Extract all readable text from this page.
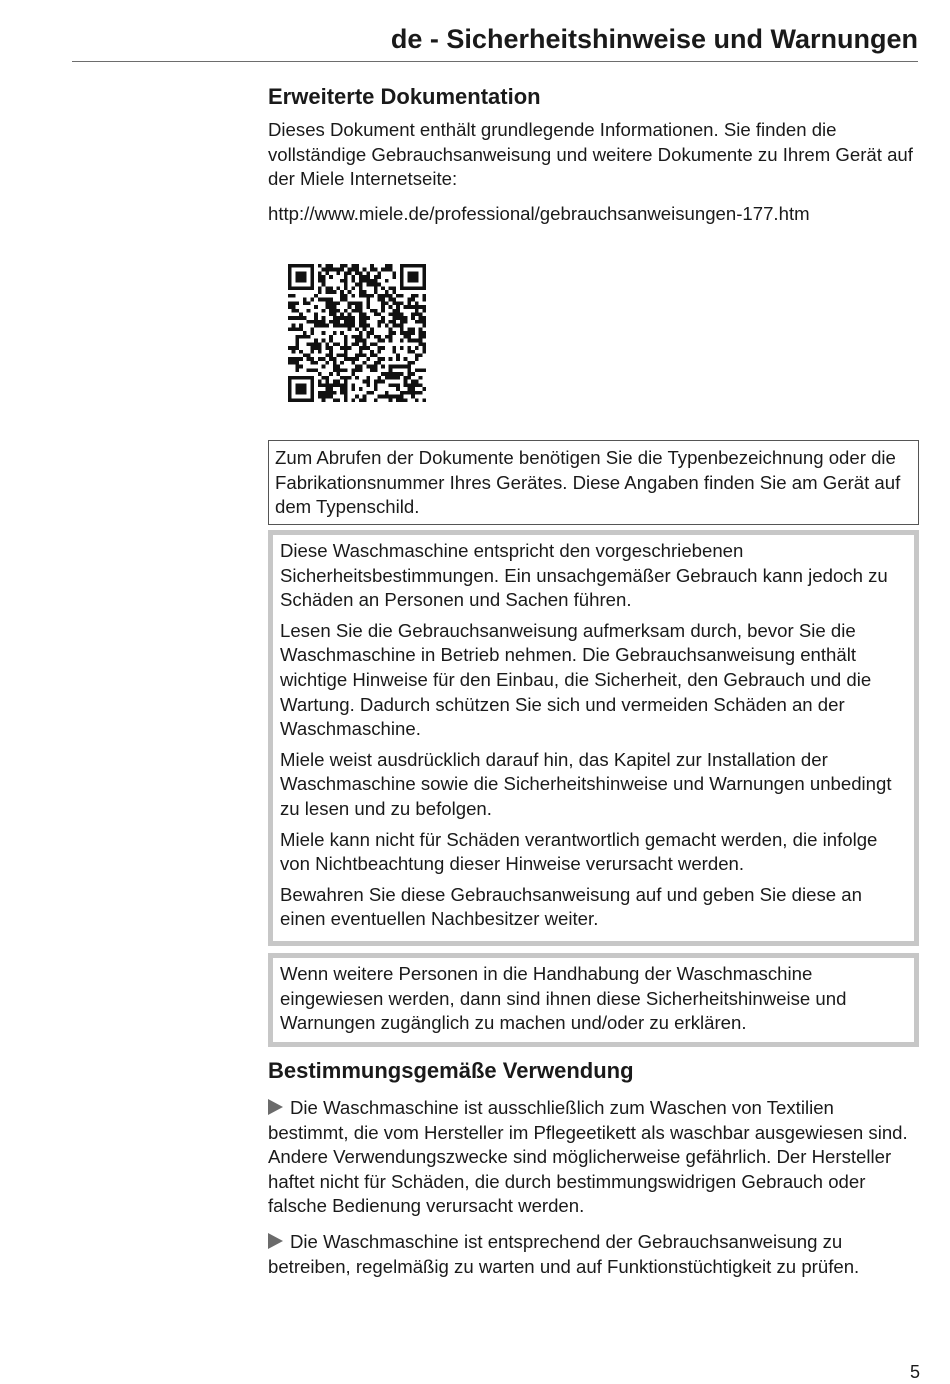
de - Sicherheitshinweise und Warnungen
Erweiterte Dokumentation

Dieses Dokument enthält grundlegende Informationen. Sie finden die vollständige Gebrauchsanweisung und weitere Dokumente zu Ihrem Gerät auf der Miele Internetseite:

http://www.miele.de/professional/gebrauchsanweisungen-177.htm

Zum Abrufen der Dokumente benötigen Sie die Typenbezeichnung oder die Fabrikationsnummer Ihres Gerätes. Diese Angaben finden Sie am Gerät auf dem Typenschild.

Diese Waschmaschine entspricht den vorgeschriebenen Sicherheitsbestimmungen. Ein unsachgemäßer Gebrauch kann jedoch zu Schäden an Personen und Sachen führen.

Lesen Sie die Gebrauchsanweisung aufmerksam durch, bevor Sie die Waschmaschine in Betrieb nehmen. Die Gebrauchsanweisung enthält wichtige Hinweise für den Einbau, die Sicherheit, den Gebrauch und die Wartung. Dadurch schützen Sie sich und vermeiden Schäden an der Waschmaschine.

Miele weist ausdrücklich darauf hin, das Kapitel zur Installation der Waschmaschine sowie die Sicherheitshinweise und Warnungen unbedingt zu lesen und zu befolgen.

Miele kann nicht für Schäden verantwortlich gemacht werden, die infolge von Nichtbeachtung dieser Hinweise verursacht werden.

Bewahren Sie diese Gebrauchsanweisung auf und geben Sie diese an einen eventuellen Nachbesitzer weiter.

Wenn weitere Personen in die Handhabung der Waschmaschine eingewiesen werden, dann sind ihnen diese Sicherheitshinweise und Warnungen zugänglich zu machen und/oder zu erklären.

Bestimmungsgemäße Verwendung

Die Waschmaschine ist ausschließlich zum Waschen von Textilien bestimmt, die vom Hersteller im Pflegeetikett als waschbar ausgewiesen sind. Andere Verwendungszwecke sind möglicherweise gefährlich. Der Hersteller haftet nicht für Schäden, die durch bestimmungswidrigen Gebrauch oder falsche Bedienung verursacht werden.

Die Waschmaschine ist entsprechend der Gebrauchsanweisung zu betreiben, regelmäßig zu warten und auf Funktionstüchtigkeit zu prüfen.

5
